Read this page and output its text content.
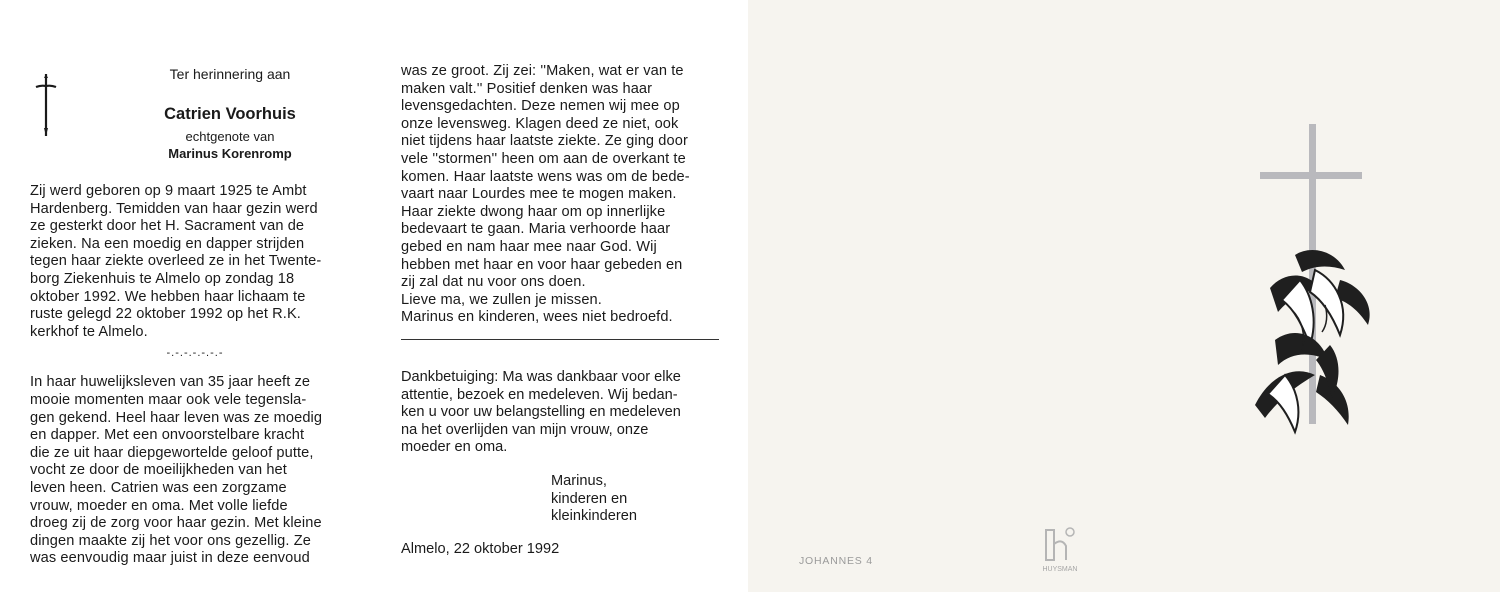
Ter herinnering aan
Catrien Voorhuis
echtgenote van
Marinus Korenromp

Zij werd geboren op 9 maart 1925 te Ambt
Hardenberg. Temidden van haar gezin werd
ze gesterkt door het H. Sacrament van de
zieken. Na een moedig en dapper strijden
tegen haar ziekte overleed ze in het Twente-
borg Ziekenhuis te Almelo op zondag 18
oktober 1992. We hebben haar lichaam te
ruste gelegd 22 oktober 1992 op het R.K.
kerkhof te Almelo.

-.-.-.-.-.-.-

In haar huwelijksleven van 35 jaar heeft ze
mooie momenten maar ook vele tegensla-
gen gekend. Heel haar leven was ze moedig
en dapper. Met een onvoorstelbare kracht
die ze uit haar diepgewortelde geloof putte,
vocht ze door de moeilijkheden van het
leven heen. Catrien was een zorgzame
vrouw, moeder en oma. Met volle liefde
droeg zij de zorg voor haar gezin. Met kleine
dingen maakte zij het voor ons gezellig. Ze
was eenvoudig maar juist in deze eenvoud

was ze groot. Zij zei: ''Maken, wat er van te
maken valt.'' Positief denken was haar
levensgedachten. Deze nemen wij mee op
onze levensweg. Klagen deed ze niet, ook
niet tijdens haar laatste ziekte. Ze ging door
vele ''stormen'' heen om aan de overkant te
komen. Haar laatste wens was om de bede-
vaart naar Lourdes mee te mogen maken.
Haar ziekte dwong haar om op innerlijke
bedevaart te gaan. Maria verhoorde haar
gebed en nam haar mee naar God. Wij
hebben met haar en voor haar gebeden en
zij zal dat nu voor ons doen.
Lieve ma, we zullen je missen.
Marinus en kinderen, wees niet bedroefd.

Dankbetuiging: Ma was dankbaar voor elke
attentie, bezoek en medeleven. Wij bedan-
ken u voor uw belangstelling en medeleven
na het overlijden van mijn vrouw, onze
moeder en oma.
Marinus,
kinderen en
kleinkinderen
Almelo, 22 oktober 1992
JOHANNES 4
HUYSMAN
